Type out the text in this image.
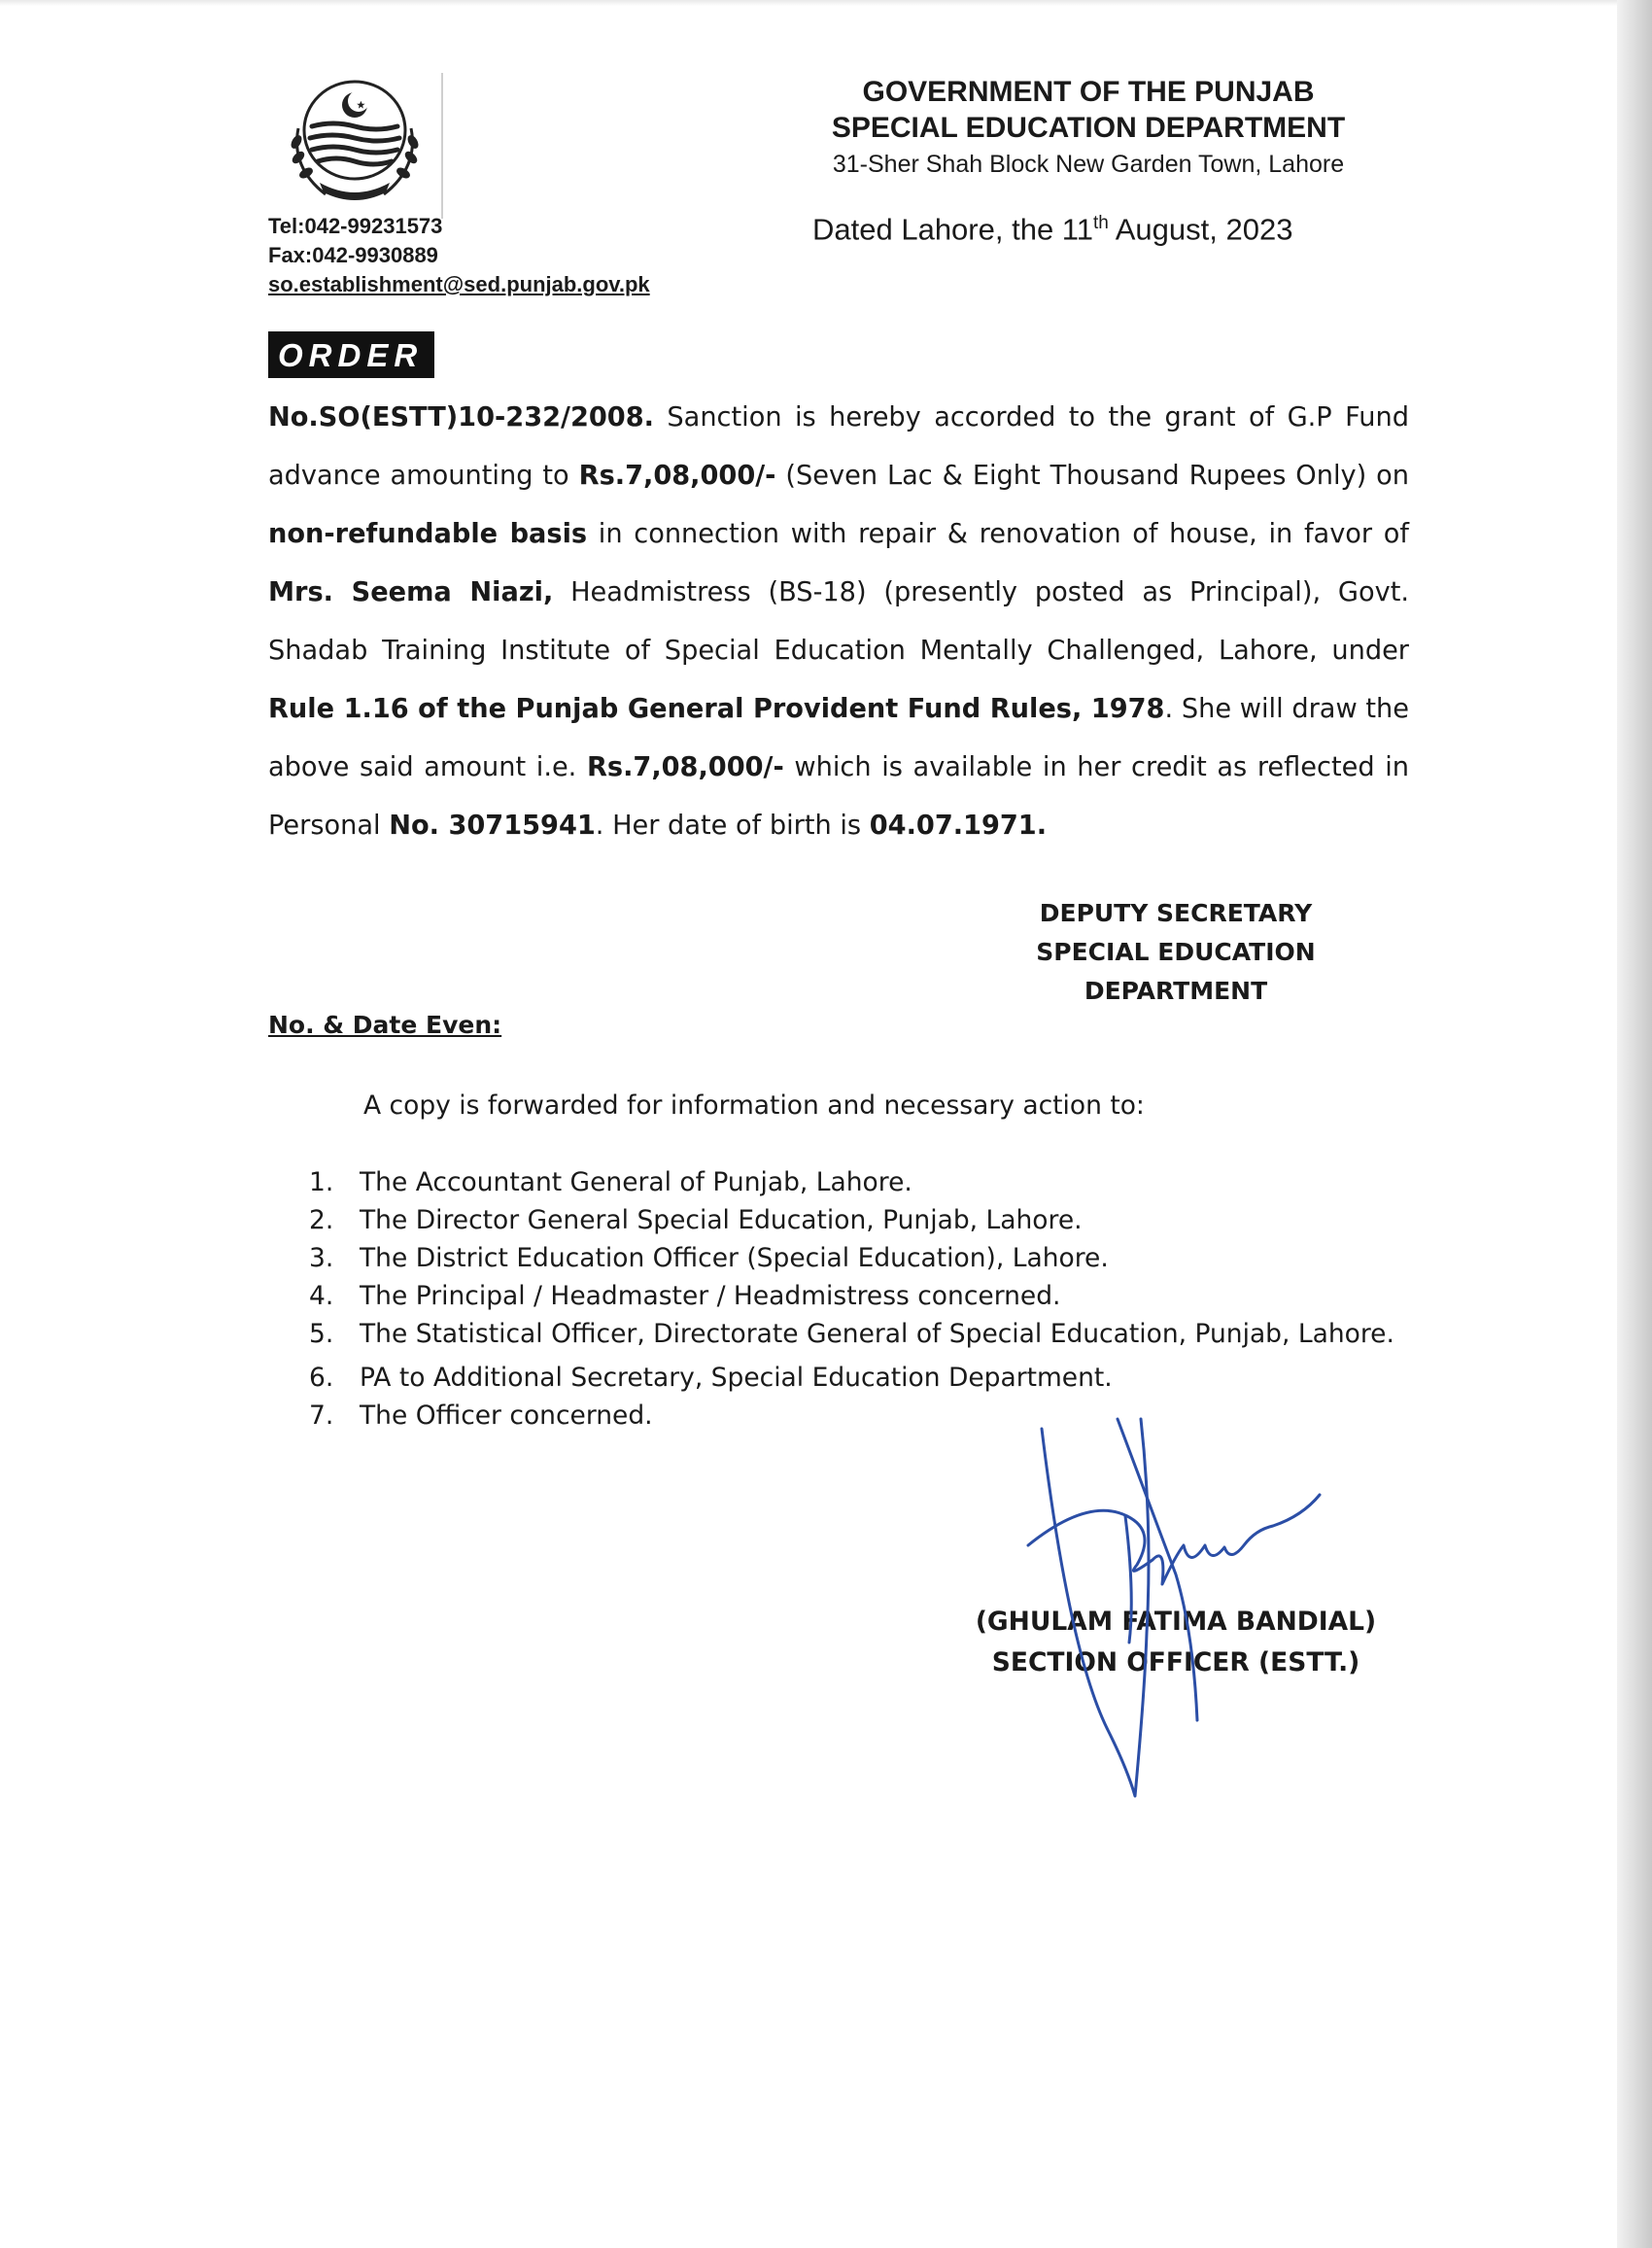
Tel:042-99231573
Fax:042-9930889
so.establishment@sed.punjab.gov.pk
GOVERNMENT OF THE PUNJAB
SPECIAL EDUCATION DEPARTMENT
31-Sher Shah Block New Garden Town, Lahore
Dated Lahore, the 11th August, 2023
ORDER
No.SO(ESTT)10-232/2008. Sanction is hereby accorded to the grant of G.P Fund advance amounting to Rs.7,08,000/- (Seven Lac & Eight Thousand Rupees Only) on non-refundable basis in connection with repair & renovation of house, in favor of Mrs. Seema Niazi, Headmistress (BS-18) (presently posted as Principal), Govt. Shadab Training Institute of Special Education Mentally Challenged, Lahore, under Rule 1.16 of the Punjab General Provident Fund Rules, 1978. She will draw the above said amount i.e. Rs.7,08,000/- which is available in her credit as reflected in Personal No. 30715941. Her date of birth is 04.07.1971.
DEPUTY SECRETARY
SPECIAL EDUCATION
DEPARTMENT
No. & Date Even:
A copy is forwarded for information and necessary action to:
1.	The Accountant General of Punjab, Lahore.
2.	The Director General Special Education, Punjab, Lahore.
3.	The District Education Officer (Special Education), Lahore.
4.	The Principal / Headmaster / Headmistress concerned.
5.	The Statistical Officer, Directorate General of Special Education, Punjab, Lahore.
6.	PA to Additional Secretary, Special Education Department.
7.	The Officer concerned.
(GHULAM FATIMA BANDIAL)
SECTION OFFICER (ESTT.)
